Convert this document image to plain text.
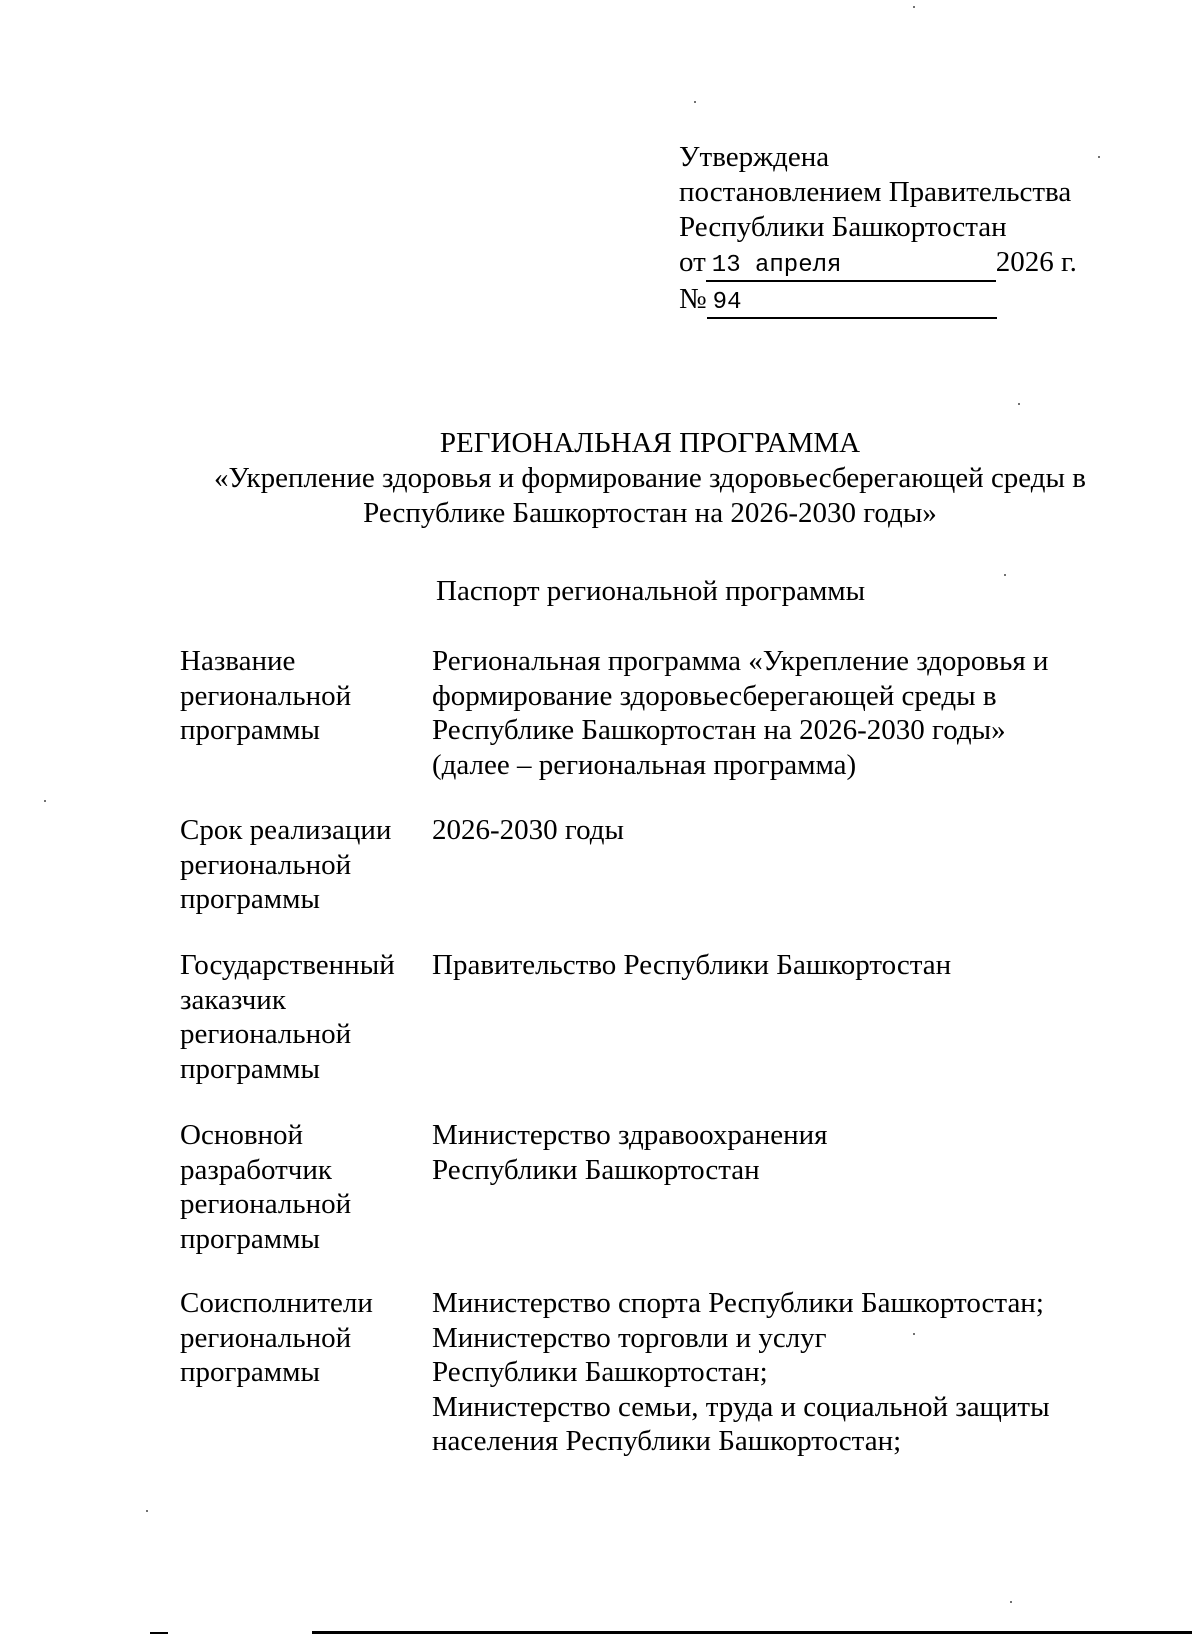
Утверждена
постановлением Правительства
Республики Башкортостан
от 13 апреля	2026 г.
№ 94
РЕГИОНАЛЬНАЯ ПРОГРАММА
«Укрепление здоровья и формирование здоровьесберегающей среды в
Республике Башкортостан на 2026-2030 годы»
Паспорт региональной программы
Название
региональной
программы
Региональная программа «Укрепление здоровья и
формирование здоровьесберегающей среды в
Республике Башкортостан на 2026-2030 годы»
(далее – региональная программа)
Срок реализации
региональной
программы
2026-2030 годы
Государственный
заказчик
региональной
программы
Правительство Республики Башкортостан
Основной
разработчик
региональной
программы
Министерство здравоохранения
Республики Башкортостан
Соисполнители
региональной
программы
Министерство спорта Республики Башкортостан;
Министерство торговли и услуг
Республики Башкортостан;
Министерство семьи, труда и социальной защиты
населения Республики Башкортостан;
